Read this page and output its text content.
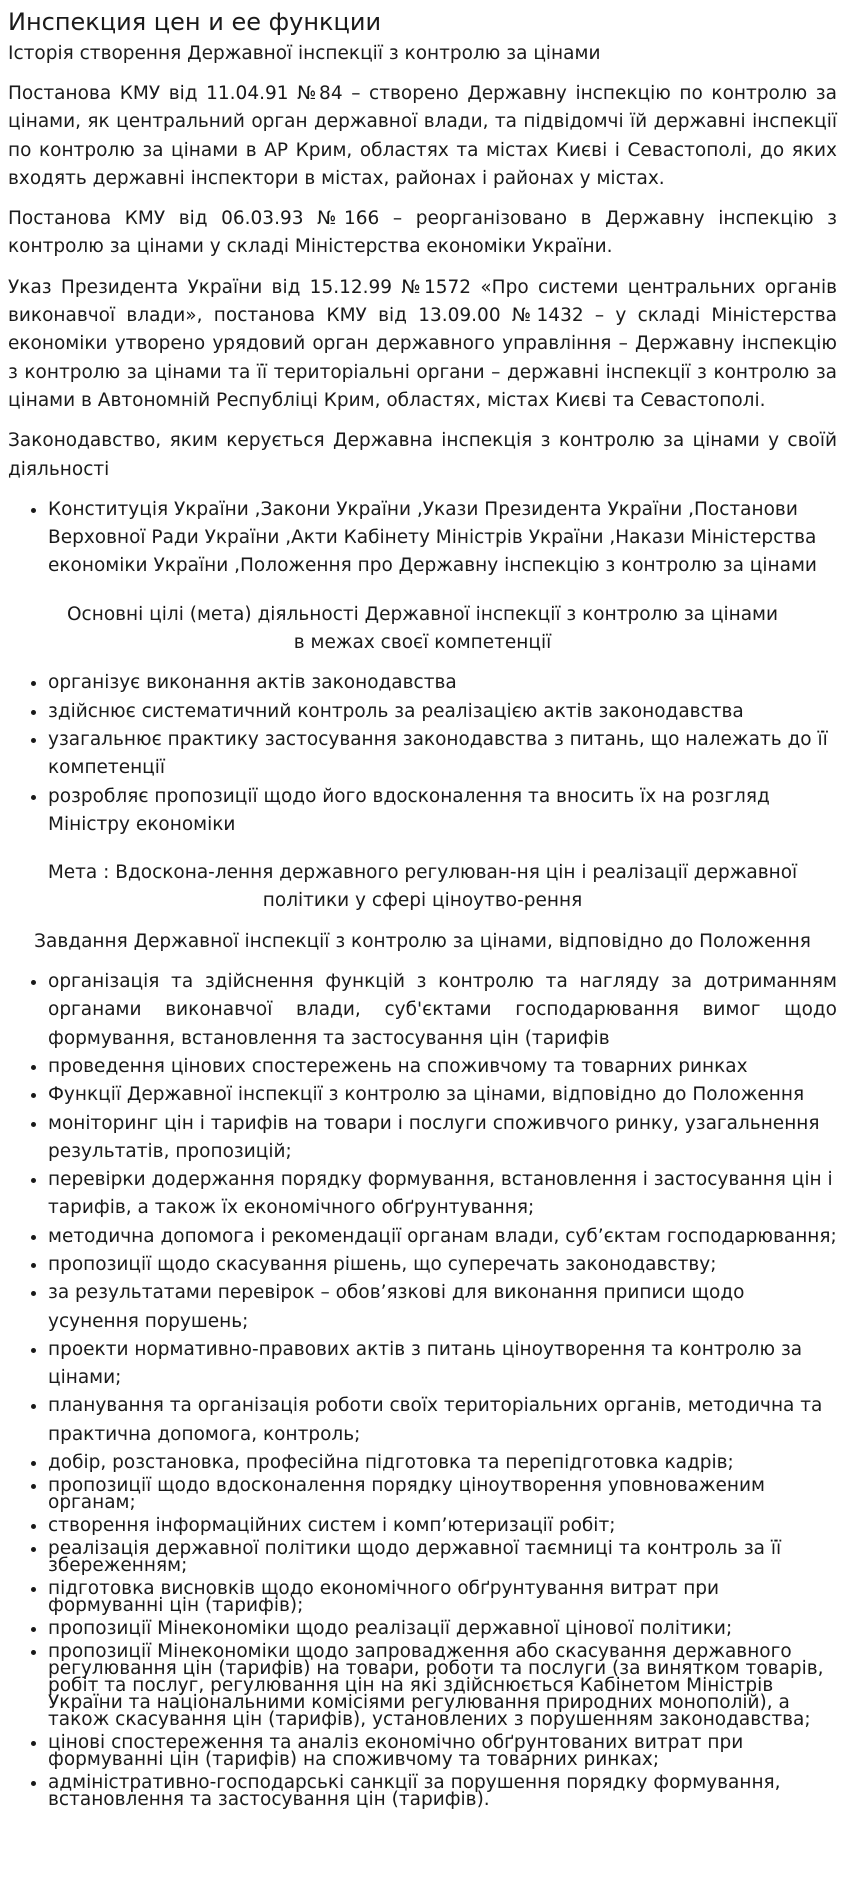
Инспекция цен и ее функции
Історія створення Державної інспекції з контролю за цінами

Постанова КМУ від 11.04.91 №84 – створено Державну інспекцію по контролю за цінами, як центральний орган державної влади, та підвідомчі їй державні інспекції по контролю за цінами в АР Крим, областях та містах Києві і Севастополі, до яких входять державні інспектори в містах, районах і районах у містах.

Постанова КМУ від 06.03.93 №166 – реорганізовано в Державну інспекцію з контролю за цінами у складі Міністерства економіки України.

Указ Президента України від 15.12.99 №1572 «Про системи центральних органів виконавчої влади», постанова КМУ від 13.09.00 №1432 – у складі Міністерства економіки утворено урядовий орган державного управління – Державну інспекцію з контролю за цінами та її територіальні органи – державні інспекції з контролю за цінами в Автономній Республіці Крим, областях, містах Києві та Севастополі.

Законодавство, яким керується Державна інспекція з контролю за цінами у своїй діяльності

• Конституція України ,Закони України ,Укази Президента України ,Постанови Верховної Ради України ,Акти Кабінету Міністрів України ,Накази Міністерства економіки України ,Положення про Державну інспекцію з контролю за цінами

Основні цілі (мета) діяльності Державної інспекції з контролю за цінами

в межах своєї компетенції

• організує виконання актів законодавства
• здійснює систематичний контроль за реалізацією актів законодавства
• узагальнює практику застосування законодавства з питань, що належать до її компетенції
• розробляє пропозиції щодо його вдосконалення та вносить їх на розгляд Міністру економіки

Мета : Вдоскона-лення державного регулюван-ня цін і реалізації державної

політики у сфері ціноутво-рення

Завдання Державної інспекції з контролю за цінами, відповідно до Положення

• організація та здійснення функцій з контролю та нагляду за дотриманням органами виконавчої влади, суб'єктами господарювання вимог щодо формування, встановлення та застосування цін (тарифів
• проведення цінових спостережень на споживчому та товарних ринках
• Функції Державної інспекції з контролю за цінами, відповідно до Положення
• моніторинг цін і тарифів на товари і послуги споживчого ринку, узагальнення результатів, пропозицій;
• перевірки додержання порядку формування, встановлення і застосування цін і тарифів, а також їх економічного обґрунтування;
• методична допомога і рекомендації органам влади, суб’єктам господарювання;
• пропозиції щодо скасування рішень, що суперечать законодавству;
• за результатами перевірок – обов’язкові для виконання приписи щодо усунення порушень;
• проекти нормативно-правових актів з питань ціноутворення та контролю за цінами;
• планування та організація роботи своїх територіальних органів, методична та практична допомога, контроль;
• добір, розстановка, професійна підготовка та перепідготовка кадрів;
• пропозиції щодо вдосконалення порядку ціноутворення уповноваженим органам;
• створення інформаційних систем і комп’ютеризації робіт;
• реалізація державної політики щодо державної таємниці та контроль за її збереженням;
• підготовка висновків щодо економічного обґрунтування витрат при формуванні цін (тарифів);
• пропозиції Мінекономіки щодо реалізації державної цінової політики;
• пропозиції Мінекономіки щодо запровадження або скасування державного регулювання цін (тарифів) на товари, роботи та послуги (за винятком товарів, робіт та послуг, регулювання цін на які здійснюється Кабінетом Міністрів України та національними комісіями регулювання природних монополій), а також скасування цін (тарифів), установлених з порушенням законодавства;
• цінові спостереження та аналіз економічно обґрунтованих витрат при формуванні цін (тарифів) на споживчому та товарних ринках;
• адміністративно-господарські санкції за порушення порядку формування, встановлення та застосування цін (тарифів).
